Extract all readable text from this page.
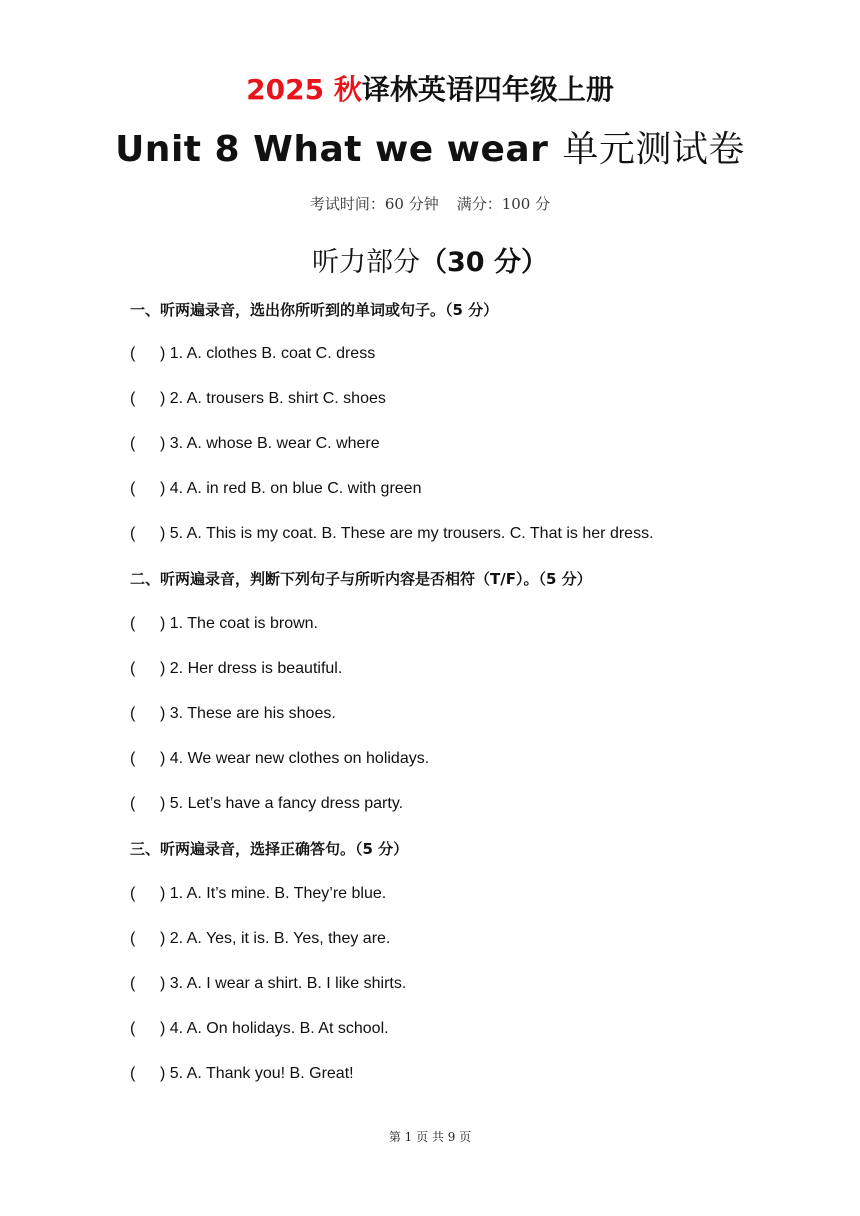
2025 秋译林英语四年级上册
Unit 8 What we wear 单元测试卷
考试时间：60 分钟 满分：100 分
听力部分（30 分）
一、听两遍录音，选出你所听到的单词或句子。（5 分）
( ) 1. A. clothes B. coat C. dress
( ) 2. A. trousers B. shirt C. shoes
( ) 3. A. whose B. wear C. where
( ) 4. A. in red B. on blue C. with green
( ) 5. A. This is my coat. B. These are my trousers. C. That is her dress.
二、听两遍录音，判断下列句子与所听内容是否相符（T/F）。（5 分）
( ) 1. The coat is brown.
( ) 2. Her dress is beautiful.
( ) 3. These are his shoes.
( ) 4. We wear new clothes on holidays.
( ) 5. Let’s have a fancy dress party.
三、听两遍录音，选择正确答句。（5 分）
( ) 1. A. It’s mine. B. They’re blue.
( ) 2. A. Yes, it is. B. Yes, they are.
( ) 3. A. I wear a shirt. B. I like shirts.
( ) 4. A. On holidays. B. At school.
( ) 5. A. Thank you! B. Great!
第 1 页 共 9 页
